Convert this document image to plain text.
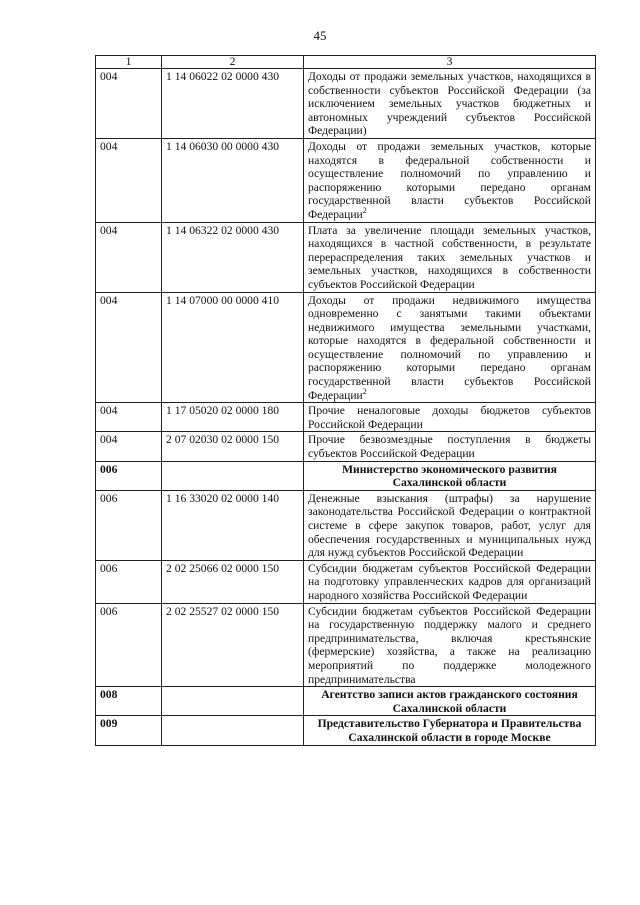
45
1	2	3
004	1 14 06022 02 0000 430	Доходы от продажи земельных участков, находящихся в собственности субъектов Российской Федерации (за исключением земельных участков бюджетных и автономных учреждений субъектов Российской Федерации)
004	1 14 06030 00 0000 430	Доходы от продажи земельных участков, которые находятся в федеральной собственности и осуществление полномочий по управлению и распоряжению которыми передано органам государственной власти субъектов Российской Федерации$^2$
004	1 14 06322 02 0000 430	Плата за увеличение площади земельных участков, находящихся в частной собственности, в результате перераспределения таких земельных участков и земельных участков, находящихся в собственности субъектов Российской Федерации
004	1 14 07000 00 0000 410	Доходы от продажи недвижимого имущества одновременно с занятыми такими объектами недвижимого имущества земельными участками, которые находятся в федеральной собственности и осуществление полномочий по управлению и распоряжению которыми передано органам государственной власти субъектов Российской Федерации$^2$
004	1 17 05020 02 0000 180	Прочие неналоговые доходы бюджетов субъектов Российской Федерации
004	2 07 02030 02 0000 150	Прочие безвозмездные поступления в бюджеты субъектов Российской Федерации
006		Министерство экономического развития Сахалинской области
006	1 16 33020 02 0000 140	Денежные взыскания (штрафы) за нарушение законодательства Российской Федерации о контрактной системе в сфере закупок товаров, работ, услуг для обеспечения государственных и муниципальных нужд для нужд субъектов Российской Федерации
006	2 02 25066 02 0000 150	Субсидии бюджетам субъектов Российской Федерации на подготовку управленческих кадров для организаций народного хозяйства Российской Федерации
006	2 02 25527 02 0000 150	Субсидии бюджетам субъектов Российской Федерации на государственную поддержку малого и среднего предпринимательства, включая крестьянские (фермерские) хозяйства, а также на реализацию мероприятий по поддержке молодежного предпринимательства
008		Агентство записи актов гражданского состояния Сахалинской области
009		Представительство Губернатора и Правительства Сахалинской области в городе Москве
